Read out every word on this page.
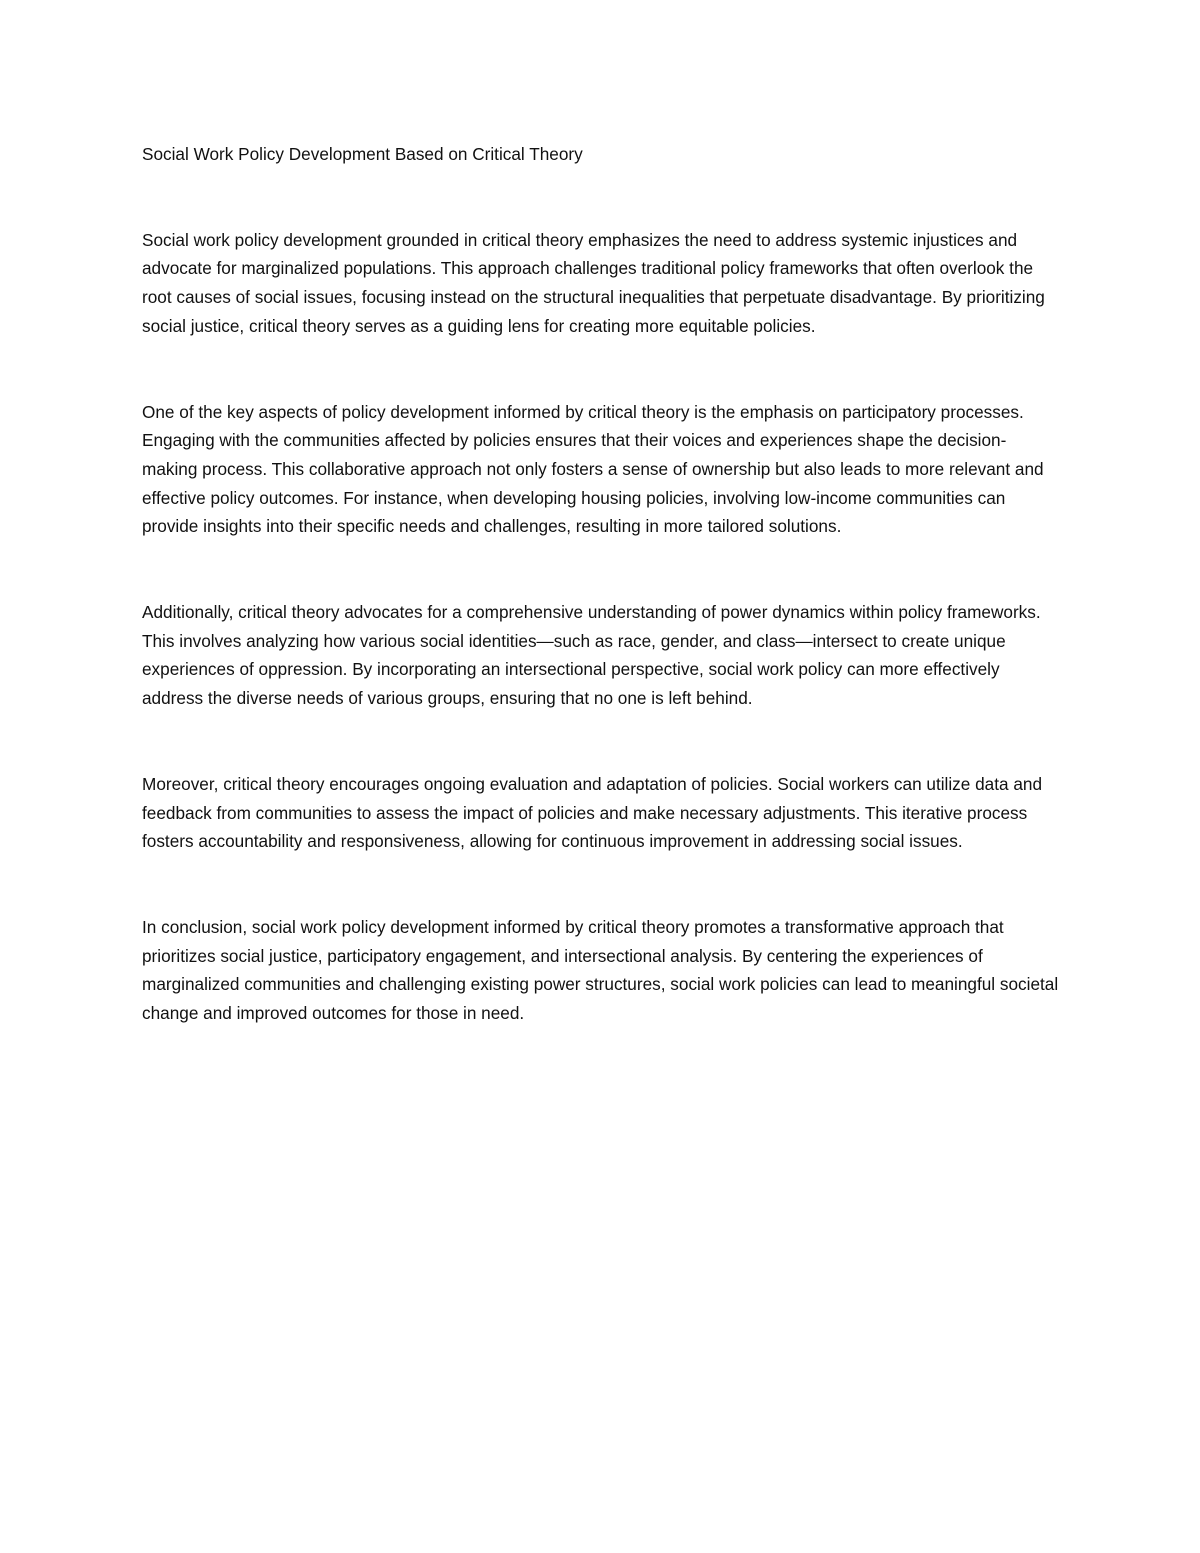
Social Work Policy Development Based on Critical Theory

Social work policy development grounded in critical theory emphasizes the need to address systemic injustices and advocate for marginalized populations. This approach challenges traditional policy frameworks that often overlook the root causes of social issues, focusing instead on the structural inequalities that perpetuate disadvantage. By prioritizing social justice, critical theory serves as a guiding lens for creating more equitable policies.

One of the key aspects of policy development informed by critical theory is the emphasis on participatory processes. Engaging with the communities affected by policies ensures that their voices and experiences shape the decision-making process. This collaborative approach not only fosters a sense of ownership but also leads to more relevant and effective policy outcomes. For instance, when developing housing policies, involving low-income communities can provide insights into their specific needs and challenges, resulting in more tailored solutions.

Additionally, critical theory advocates for a comprehensive understanding of power dynamics within policy frameworks. This involves analyzing how various social identities—such as race, gender, and class—intersect to create unique experiences of oppression. By incorporating an intersectional perspective, social work policy can more effectively address the diverse needs of various groups, ensuring that no one is left behind.

Moreover, critical theory encourages ongoing evaluation and adaptation of policies. Social workers can utilize data and feedback from communities to assess the impact of policies and make necessary adjustments. This iterative process fosters accountability and responsiveness, allowing for continuous improvement in addressing social issues.

In conclusion, social work policy development informed by critical theory promotes a transformative approach that prioritizes social justice, participatory engagement, and intersectional analysis. By centering the experiences of marginalized communities and challenging existing power structures, social work policies can lead to meaningful societal change and improved outcomes for those in need.
